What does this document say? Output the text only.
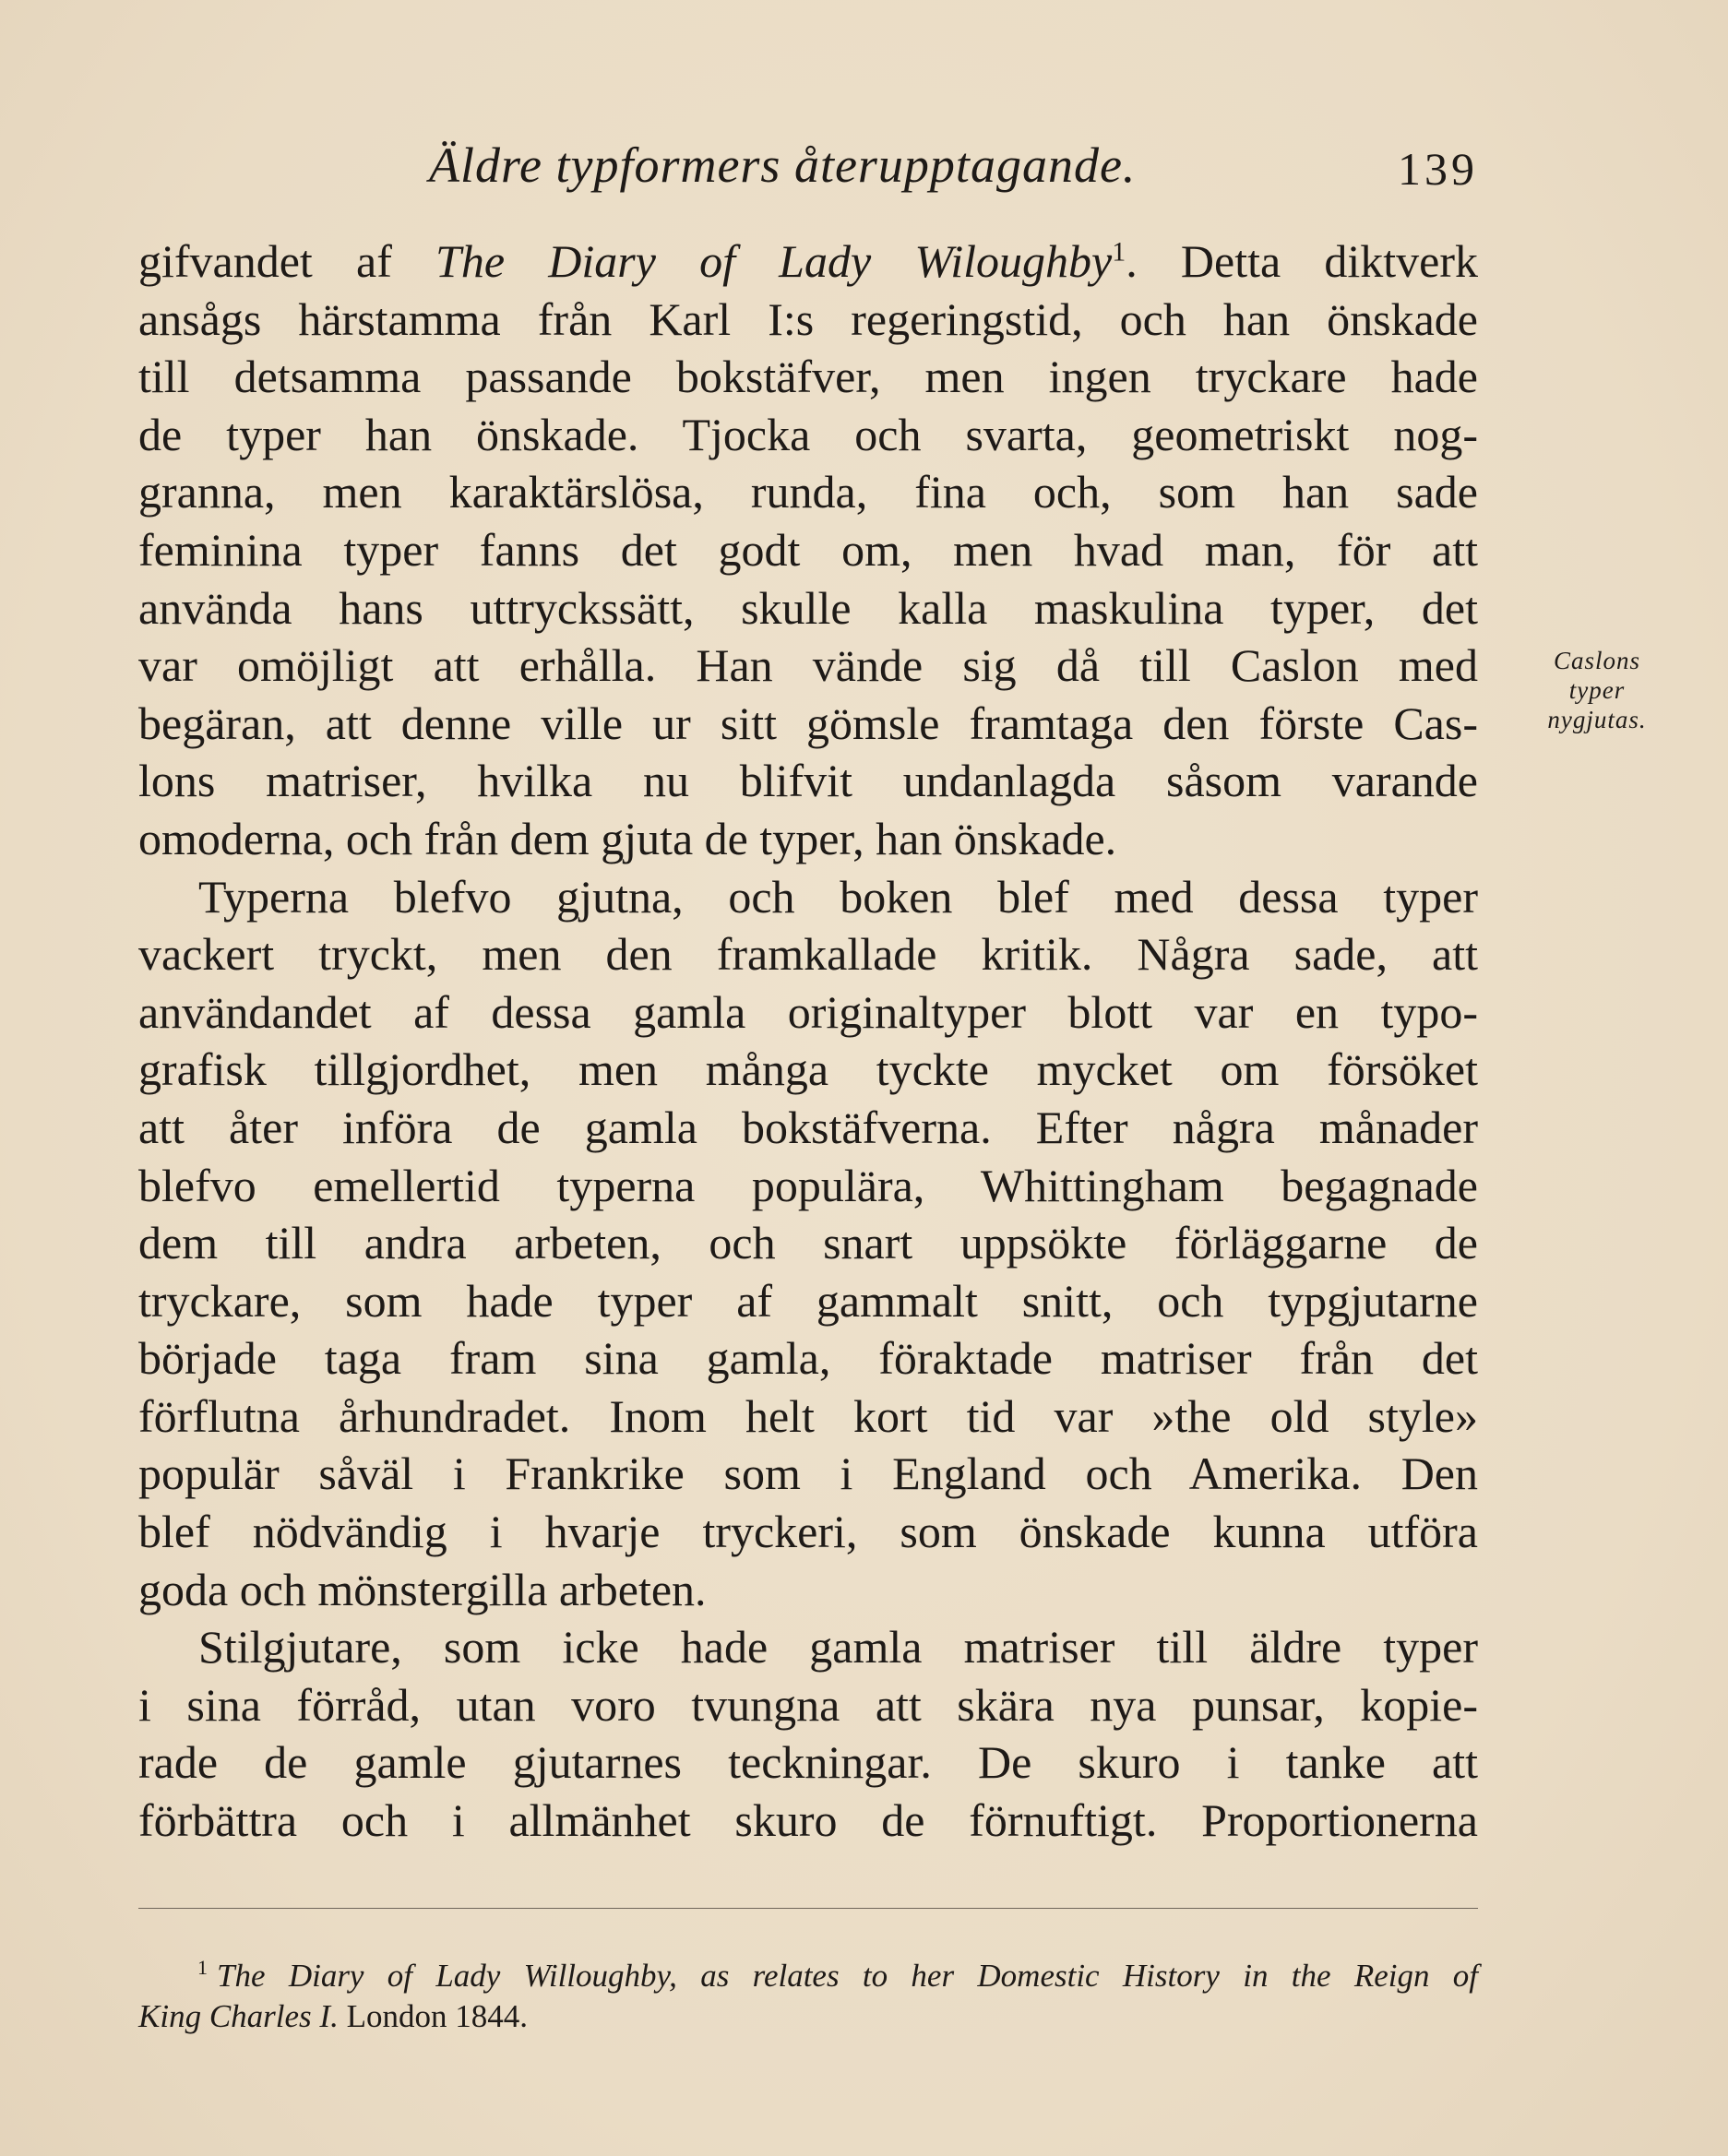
Äldre typformers återupptagande.	139
gifvandet af The Diary of Lady Wiloughby$^1$. Detta diktverk
ansågs härstamma från Karl I:s regeringstid, och han önskade
till detsamma passande bokstäfver, men ingen tryckare hade
de typer han önskade. Tjocka och svarta, geometriskt nog-
granna, men karaktärslösa, runda, fina och, som han sade
feminina typer fanns det godt om, men hvad man, för att
använda hans uttryckssätt, skulle kalla maskulina typer, det
var omöjligt att erhålla. Han vände sig då till Caslon med
begäran, att denne ville ur sitt gömsle framtaga den förste Cas-
lons matriser, hvilka nu blifvit undanlagda såsom varande
omoderna, och från dem gjuta de typer, han önskade.
Typerna blefvo gjutna, och boken blef med dessa typer
vackert tryckt, men den framkallade kritik. Några sade, att
användandet af dessa gamla originaltyper blott var en typo-
grafisk tillgjordhet, men många tyckte mycket om försöket
att åter införa de gamla bokstäfverna. Efter några månader
blefvo emellertid typerna populära, Whittingham begagnade
dem till andra arbeten, och snart uppsökte förläggarne de
tryckare, som hade typer af gammalt snitt, och typgjutarne
började taga fram sina gamla, föraktade matriser från det
förflutna århundradet. Inom helt kort tid var »the old style»
populär såväl i Frankrike som i England och Amerika. Den
blef nödvändig i hvarje tryckeri, som önskade kunna utföra
goda och mönstergilla arbeten.
Stilgjutare, som icke hade gamla matriser till äldre typer
i sina förråd, utan voro tvungna att skära nya punsar, kopie-
rade de gamle gjutarnes teckningar. De skuro i tanke att
förbättra och i allmänhet skuro de förnuftigt. Proportionerna
Caslons
typer
nygjutas.
$^1$ The Diary of Lady Willoughby, as relates to her Domestic History in the Reign of
King Charles I. London 1844.
